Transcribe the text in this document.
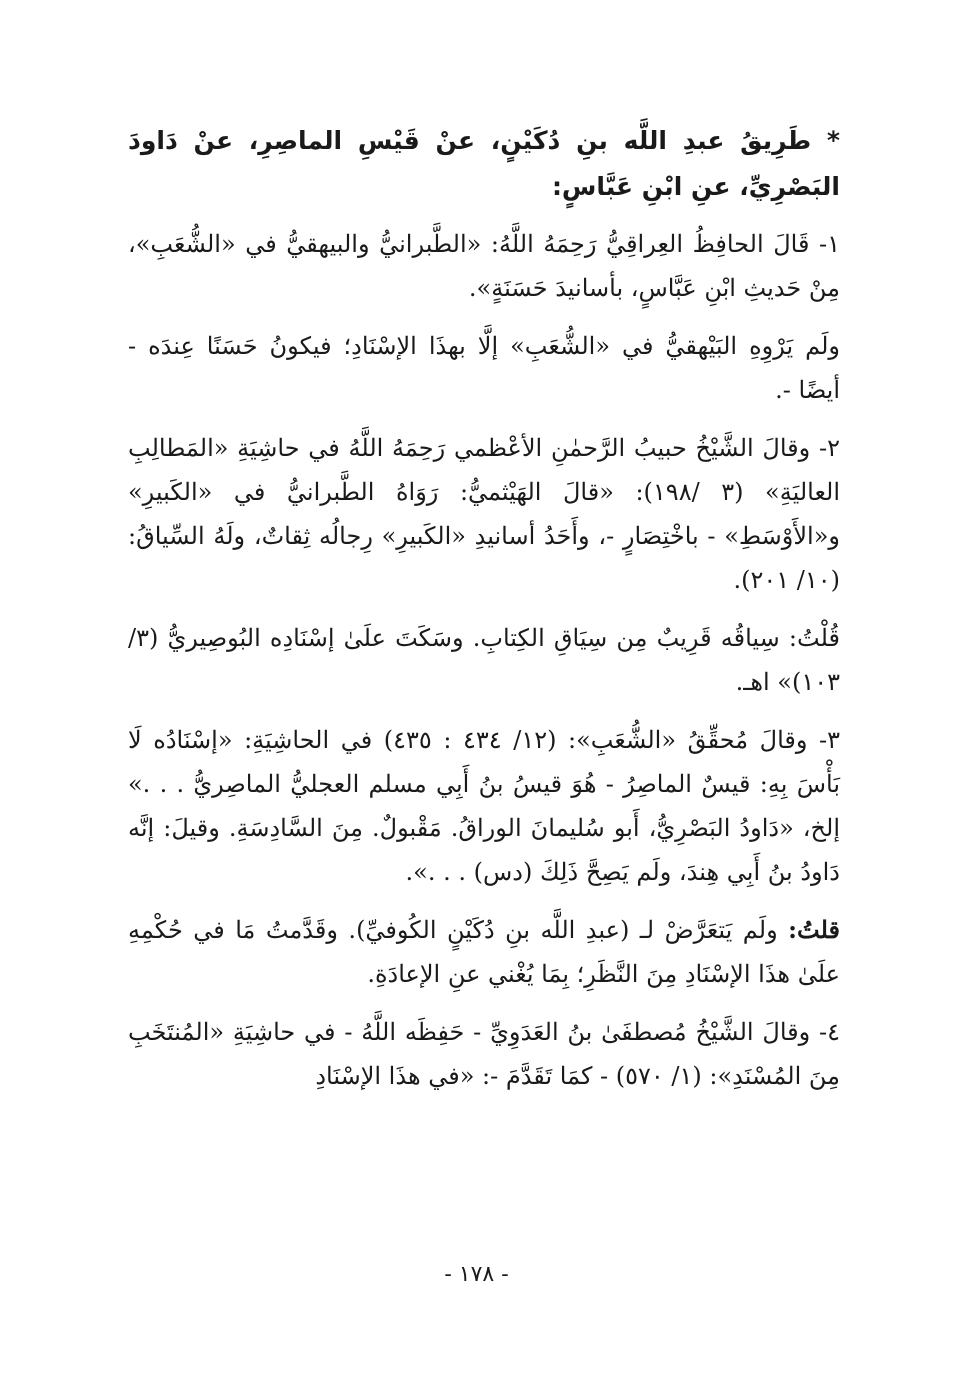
* طَرِيقُ عبدِ اللَّه بنِ دُكَيْنٍ، عنْ قَيْسِ الماصِرِ، عنْ دَاودَ البَصْرِيِّ، عنِ ابْنِ عَبَّاسٍ:

١- قَالَ الحافِظُ العِراقِيُّ رَحِمَهُ اللَّهُ: «الطَّبرانيُّ والبيهقيُّ في «الشُّعَبِ»، مِنْ حَديثِ ابْنِ عَبَّاسٍ، بأسانيدَ حَسَنَةٍ».

ولَم يَرْوِهِ البَيْهقيُّ في «الشُّعَبِ» إلَّا بهذَا الإسْنَادِ؛ فيكونُ حَسَنًا عِندَه - أيضًا -.

٢- وقالَ الشَّيْخُ حبيبُ الرَّحمٰنِ الأعْظمي رَحِمَهُ اللَّهُ في حاشِيَةِ «المَطالِبِ العاليَةِ» (٣ /١٩٨): «قالَ الهَيْثميُّ: رَوَاهُ الطَّبرانيُّ في «الكَبيرِ» و«الأَوْسَطِ» - باخْتِصَارٍ -، وأَحَدُ أسانيدِ «الكَبيرِ» رِجالُه ثِقاتٌ، ولَهُ السِّياقُ: (١٠/ ٢٠١).

قُلْتُ: سِياقُه قَرِيبٌ مِن سِيَاقِ الكِتابِ. وسَكَتَ علَىٰ إسْنَادِه البُوصِيريُّ (٣/ ١٠٣)» اهـ.

٣- وقالَ مُحقِّقُ «الشُّعَبِ»: (١٢/ ٤٣٤ : ٤٣٥) في الحاشِيَةِ: «إسْنَادُه لَا بَأْسَ بِهِ: قيسٌ الماصِرُ - هُوَ قيسُ بنُ أَبِي مسلم العجليُّ الماصِريُّ . . .» إلخ، «دَاودُ البَصْرِيُّ، أَبو سُليمانَ الوراقُ. مَقْبولٌ. مِنَ السَّادِسَةِ. وقيلَ: إنَّه دَاودُ بنُ أَبِي هِندَ، ولَم يَصِحَّ ذَلِكَ (دس) . . .».

قلتُ: ولَم يَتعَرَّضْ لـ (عبدِ اللَّه بنِ دُكَيْنٍ الكُوفيِّ). وقَدَّمتُ مَا في حُكْمِهِ علَىٰ هذَا الإسْنَادِ مِنَ النَّظَرِ؛ بِمَا يُغْني عنِ الإعادَةِ.

٤- وقالَ الشَّيْخُ مُصطفَىٰ بنُ العَدَوِيِّ - حَفِظَه اللَّهُ - في حاشِيَةِ «المُنتَخَبِ مِنَ المُسْنَدِ»: (١/ ٥٧٠) - كمَا تَقَدَّمَ -: «في هذَا الإسْنَادِ

- ١٧٨ -
